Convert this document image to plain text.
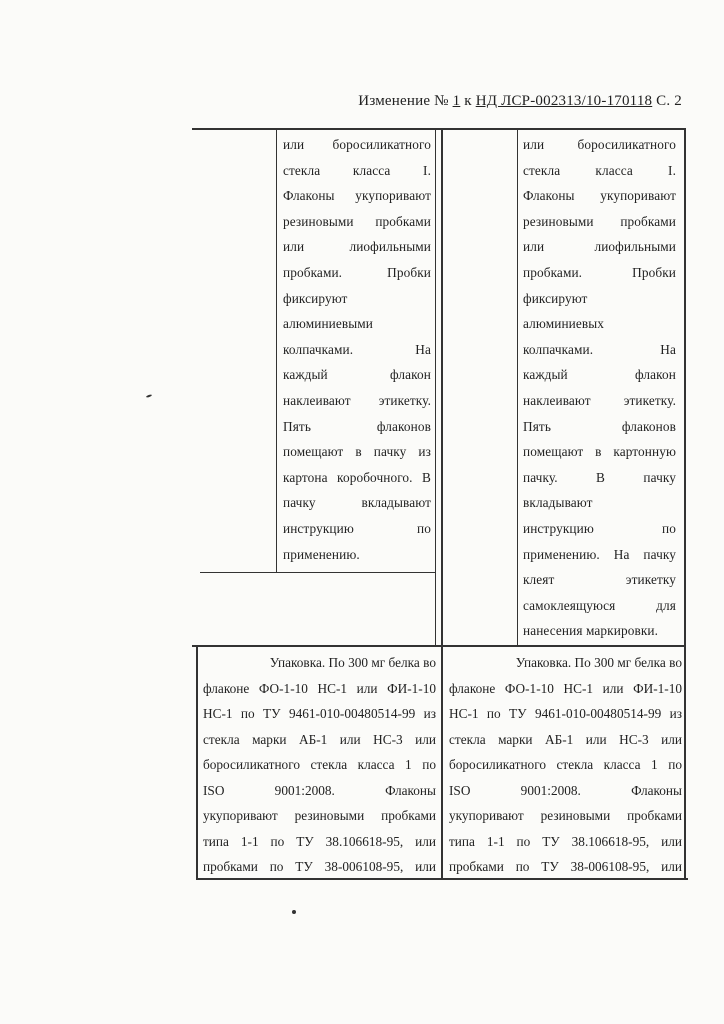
Изменение № 1 к НД ЛСР-002313/10-170118 С. 2
или боросиликатного
стекла класса I.
Флаконы укупоривают
резиновыми пробками
или лиофильными
пробками. Пробки
фиксируют
алюминиевыми
колпачками. На
каждый флакон
наклеивают этикетку.
Пять флаконов
помещают в пачку из
картона коробочного. В
пачку вкладывают
инструкцию по
применению.
или боросиликатного
стекла класса I.
Флаконы укупоривают
резиновыми пробками
или лиофильными
пробками. Пробки
фиксируют
алюминиевых
колпачками. На
каждый флакон
наклеивают этикетку.
Пять флаконов
помещают в картонную
пачку. В пачку
вкладывают
инструкцию по
применению. На пачку
клеят этикетку
самоклеящуюся для
нанесения маркировки.
Упаковка. По 300 мг белка во
флаконе ФО-1-10 НС-1 или ФИ-1-10
НС-1 по ТУ 9461-010-00480514-99 из
стекла марки АБ-1 или НС-3 или
боросиликатного стекла класса 1 по
ISO 9001:2008. Флаконы
укупоривают резиновыми пробками
типа 1-1 по ТУ 38.106618-95, или
пробками по ТУ 38-006108-95, или
Упаковка. По 300 мг белка во
флаконе ФО-1-10 НС-1 или ФИ-1-10
НС-1 по ТУ 9461-010-00480514-99 из
стекла марки АБ-1 или НС-3 или
боросиликатного стекла класса 1 по
ISO 9001:2008. Флаконы
укупоривают резиновыми пробками
типа 1-1 по ТУ 38.106618-95, или
пробками по ТУ 38-006108-95, или
